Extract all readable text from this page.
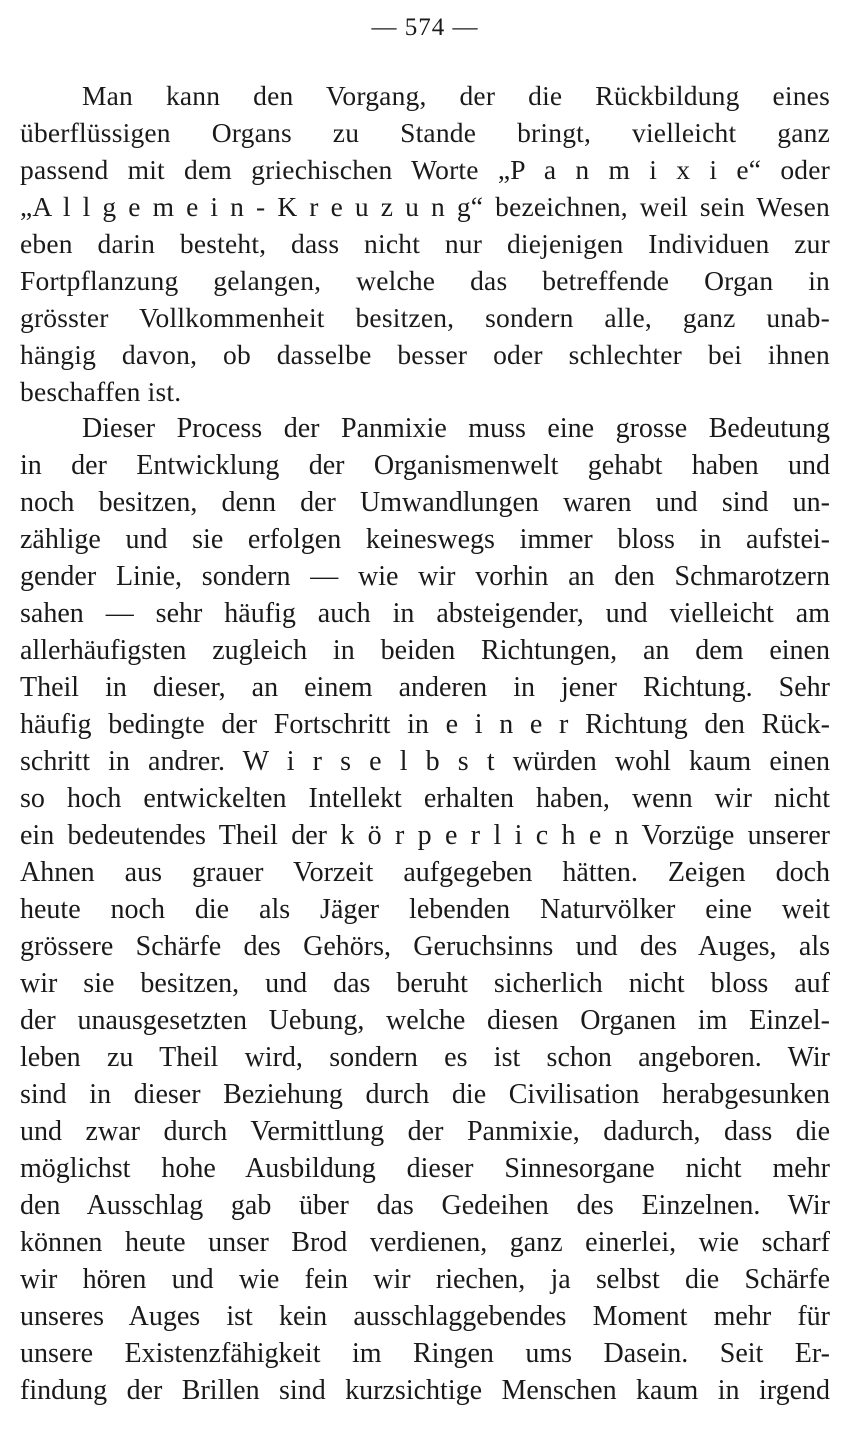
— 574 —
Man kann den Vorgang, der die Rückbildung eines
überflüssigen Organs zu Stande bringt, vielleicht ganz
passend mit dem griechischen Worte „P a n m i x i e“ oder
„A l l g e m e i n - K r e u z u n g“ bezeichnen, weil sein Wesen
eben darin besteht, dass nicht nur diejenigen Individuen zur
Fortpflanzung gelangen, welche das betreffende Organ in
grösster Vollkommenheit besitzen, sondern alle, ganz unab-
hängig davon, ob dasselbe besser oder schlechter bei ihnen
beschaffen ist.
Dieser Process der Panmixie muss eine grosse Bedeutung
in der Entwicklung der Organismenwelt gehabt haben und
noch besitzen, denn der Umwandlungen waren und sind un-
zählige und sie erfolgen keineswegs immer bloss in aufstei-
gender Linie, sondern — wie wir vorhin an den Schmarotzern
sahen — sehr häufig auch in absteigender, und vielleicht am
allerhäufigsten zugleich in beiden Richtungen, an dem einen
Theil in dieser, an einem anderen in jener Richtung. Sehr
häufig bedingte der Fortschritt in e i n e r Richtung den Rück-
schritt in andrer. W i r s e l b s t würden wohl kaum einen
so hoch entwickelten Intellekt erhalten haben, wenn wir nicht
ein bedeutendes Theil der k ö r p e r l i c h e n Vorzüge unserer
Ahnen aus grauer Vorzeit aufgegeben hätten. Zeigen doch
heute noch die als Jäger lebenden Naturvölker eine weit
grössere Schärfe des Gehörs, Geruchsinns und des Auges, als
wir sie besitzen, und das beruht sicherlich nicht bloss auf
der unausgesetzten Uebung, welche diesen Organen im Einzel-
leben zu Theil wird, sondern es ist schon angeboren. Wir
sind in dieser Beziehung durch die Civilisation herabgesunken
und zwar durch Vermittlung der Panmixie, dadurch, dass die
möglichst hohe Ausbildung dieser Sinnesorgane nicht mehr
den Ausschlag gab über das Gedeihen des Einzelnen. Wir
können heute unser Brod verdienen, ganz einerlei, wie scharf
wir hören und wie fein wir riechen, ja selbst die Schärfe
unseres Auges ist kein ausschlaggebendes Moment mehr für
unsere Existenzfähigkeit im Ringen ums Dasein. Seit Er-
findung der Brillen sind kurzsichtige Menschen kaum in irgend
